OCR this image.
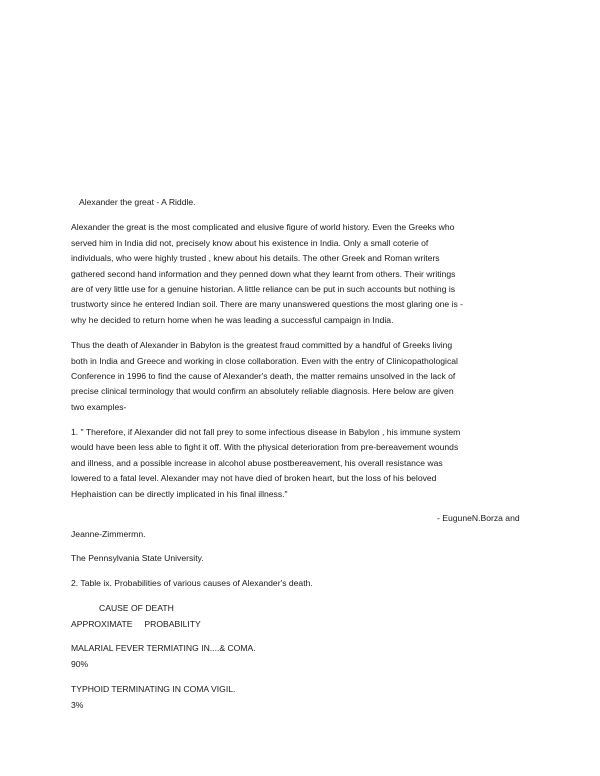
Alexander the great - A Riddle.
Alexander the great is the most complicated and elusive figure of world history. Even the Greeks who
served him in India did not, precisely know about his existence in India. Only a small coterie of
individuals, who were highly trusted , knew about his details. The other Greek and Roman writers
gathered second hand information and they penned down what they learnt from others. Their writings
are of very little use for a genuine historian. A little reliance can be put in such accounts but nothing is
trustworty since he entered Indian soil. There are many unanswered questions the most glaring one is -
why he decided to return home when he was leading a successful campaign in India.
Thus the death of Alexander in Babylon is the greatest fraud committed by a handful of Greeks living
both in India and Greece and working in close collaboration. Even with the entry of Clinicopathological
Conference in 1996 to find the cause of Alexander's death, the matter remains unsolved in the lack of
precise clinical terminology that would confirm an absolutely reliable diagnosis. Here below are given
two examples-
1. " Therefore, if Alexander did not fall prey to some infectious disease in Babylon , his immune system
would have been less able to fight it off. With the physical deterioration from pre-bereavement wounds
and illness, and a possible increase in alcohol abuse postbereavement, his overall resistance was
lowered to a fatal level. Alexander may not have died of broken heart, but the loss of his beloved
Hephaistion can be directly implicated in his final illness."
- EuguneN.Borza and
Jeanne-Zimmermn.
The Pennsylvania State University.
2. Table ix. Probabilities of various causes of Alexander's death.
CAUSE OF DEATH
APPROXIMATE     PROBABILITY
MALARIAL FEVER TERMIATING IN....& COMA.
90%
TYPHOID TERMINATING IN COMA VIGIL.
3%
